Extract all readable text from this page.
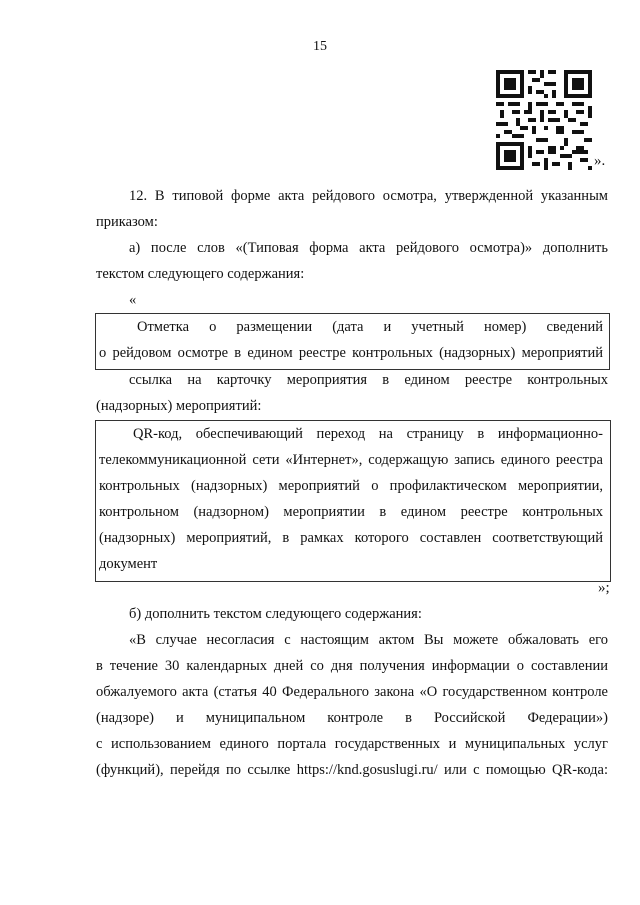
15
».
12. В типовой форме акта рейдового осмотра, утвержденной указанным
приказом:
а) после слов «(Типовая форма акта рейдового осмотра)» дополнить
текстом следующего содержания:
«
Отметка о размещении (дата и учетный номер) сведений
о рейдовом осмотре в едином реестре контрольных (надзорных) мероприятий
ссылка на карточку мероприятия в едином реестре контрольных
(надзорных) мероприятий:
QR-код, обеспечивающий переход на страницу в информационно-
телекоммуникационной сети «Интернет», содержащую запись единого реестра
контрольных (надзорных) мероприятий о профилактическом мероприятии,
контрольном (надзорном) мероприятии в едином реестре контрольных
(надзорных) мероприятий, в рамках которого составлен соответствующий
документ
»;
б) дополнить текстом следующего содержания:
«В случае несогласия с настоящим актом Вы можете обжаловать его
в течение 30 календарных дней со дня получения информации о составлении
обжалуемого акта (статья 40 Федерального закона «О государственном контроле
(надзоре) и муниципальном контроле в Российской Федерации»)
с использованием единого портала государственных и муниципальных услуг
(функций), перейдя по ссылке https://knd.gosuslugi.ru/ или с помощью QR-кода:
